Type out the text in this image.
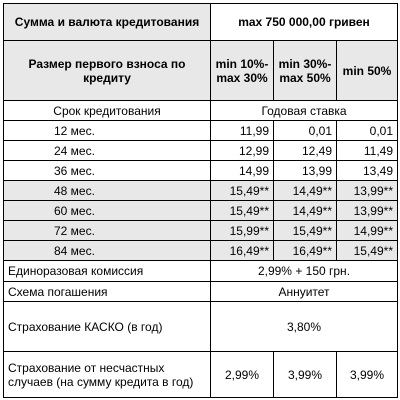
Сумма и валюта кредитования	max 750 000,00 гривен		
Размер первого взноса по кредиту	min 10%- max 30%	min 30%- max 50%	min 50%
Срок кредитования	Годовая ставка		
12 мес.	11,99	0,01	0,01
24 мес.	12,99	12,49	11,49
36 мес.	14,99	13,99	13,49
48 мес.	15,49**	14,49**	13,99**
60 мес.	15,49**	14,49**	13,99**
72 мес.	15,99**	15,49**	14,99**
84 мес.	16,49**	16,49**	15,49**
Единоразовая комиссия	2,99% + 150 грн.		
Схема погашения	Аннуитет		
Страхование КАСКО (в год)	3,80%		
Страхование от несчастных случаев (на сумму кредита в год)	2,99%	3,99%	3,99%
